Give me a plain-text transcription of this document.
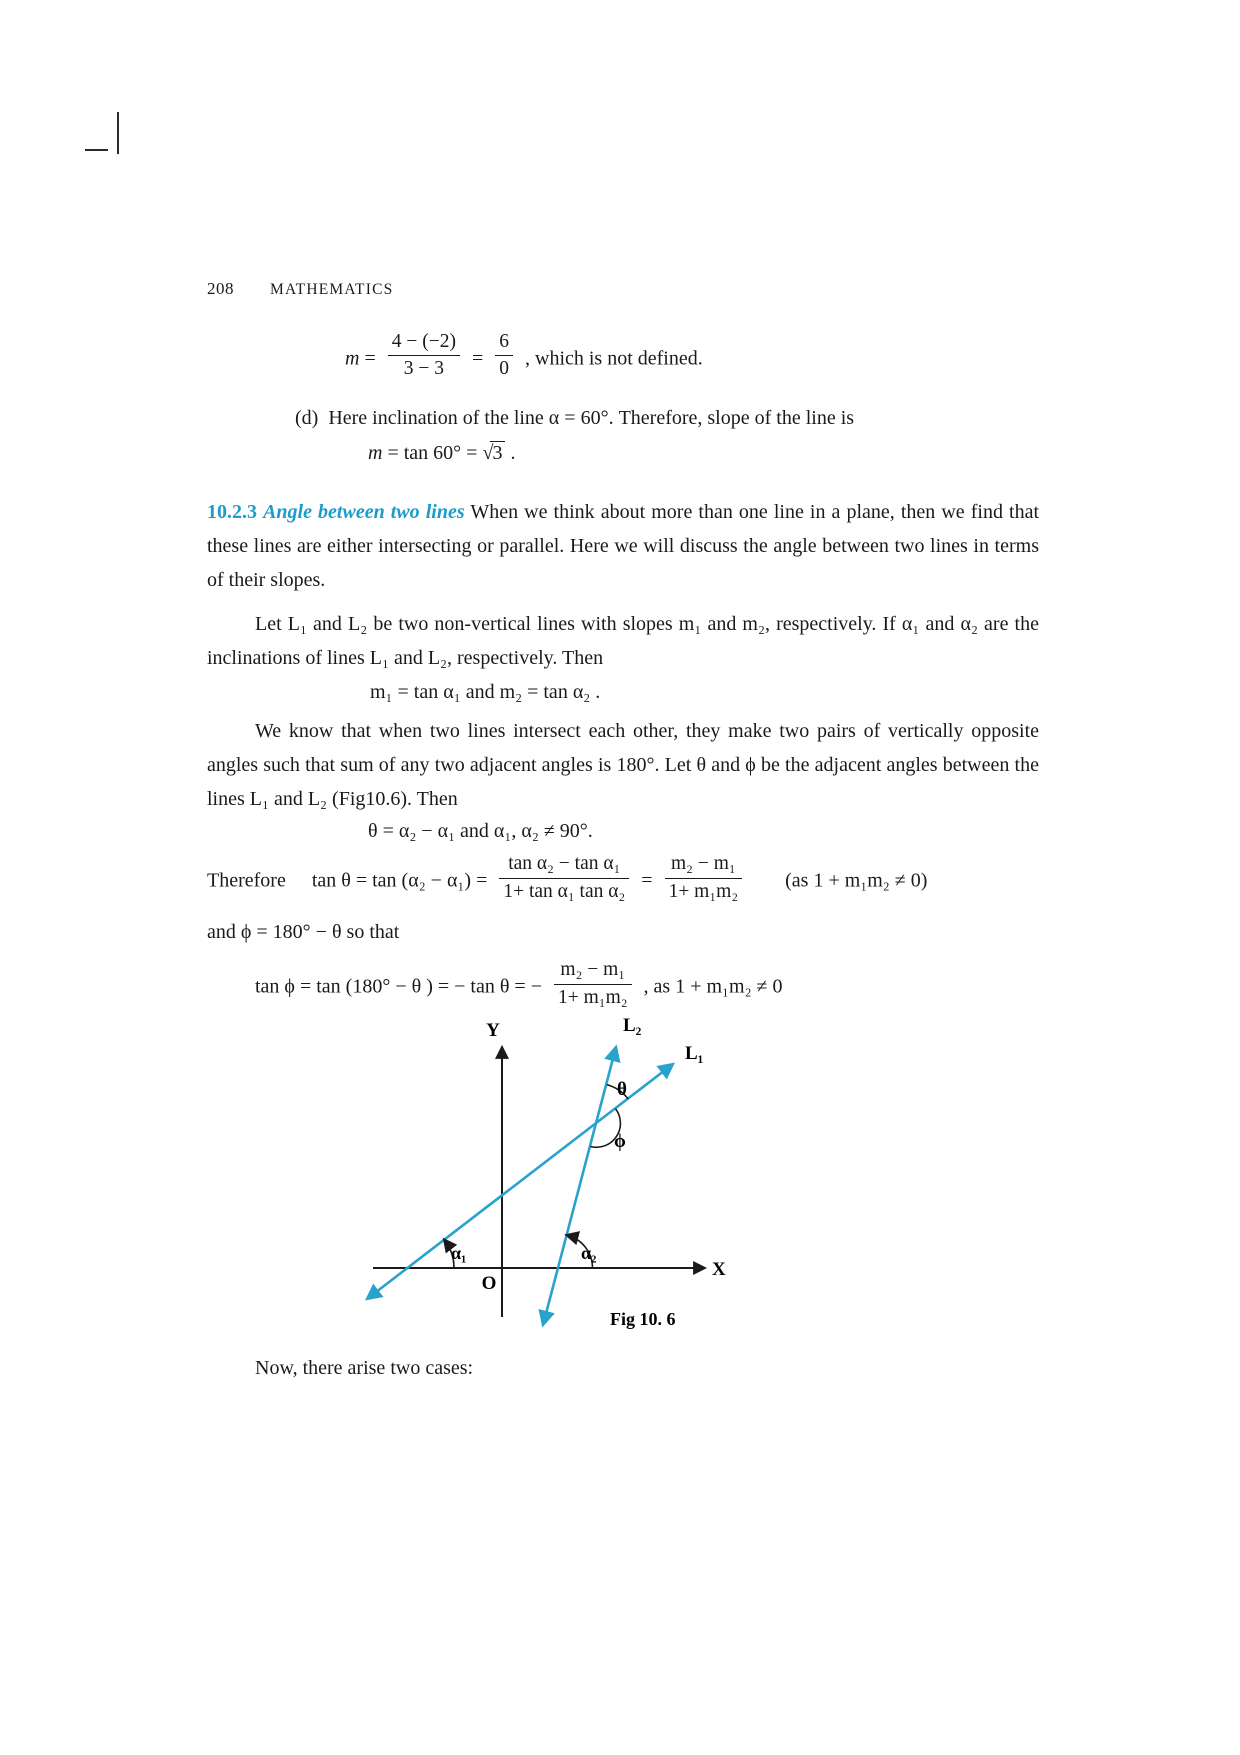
208 MATHEMATICS
$m = \frac{4 - (-2)}{3 - 3} = \frac{6}{0}$ , which is not defined.
(d) Here inclination of the line α = 60°. Therefore, slope of the line is
m = tan 60° = √3 .

10.2.3 Angle between two lines When we think about more than one line in a plane, then we find that these lines are either intersecting or parallel. Here we will discuss the angle between two lines in terms of their slopes.

Let L₁ and L₂ be two non-vertical lines with slopes m₁ and m₂, respectively. If α₁ and α₂ are the inclinations of lines L₁ and L₂, respectively. Then

m₁ = tan α₁ and m₂ = tan α₂ .

We know that when two lines intersect each other, they make two pairs of vertically opposite angles such that sum of any two adjacent angles is 180°. Let θ and ϕ be the adjacent angles between the lines L₁ and L₂ (Fig10.6). Then

θ = α₂ − α₁ and α₁, α₂ ≠ 90°.
Therefore $\tan \theta = \tan (\alpha_2 - \alpha_1) = \frac{\text{tan α₂ − tan α₁}}{\text{1+ tan α₁ tan α₂}} = \frac{\text{m₂ − m₁}}{\text{1+ m₁m₂}} (as$ 1 + m₁m₂ ≠ 0)

and ϕ = 180° − θ so that

tan ϕ = tan (180° − θ ) = − tan θ = − $\frac{\text{m₂ − m₁}}{\text{1+ m₁m₂}}$ , as 1 + m₁m₂ ≠ 0
Y
X
O
L₂
L₁
θ
ϕ
α₁	α₂
Fig 10. 6

Now, there arise two cases:
